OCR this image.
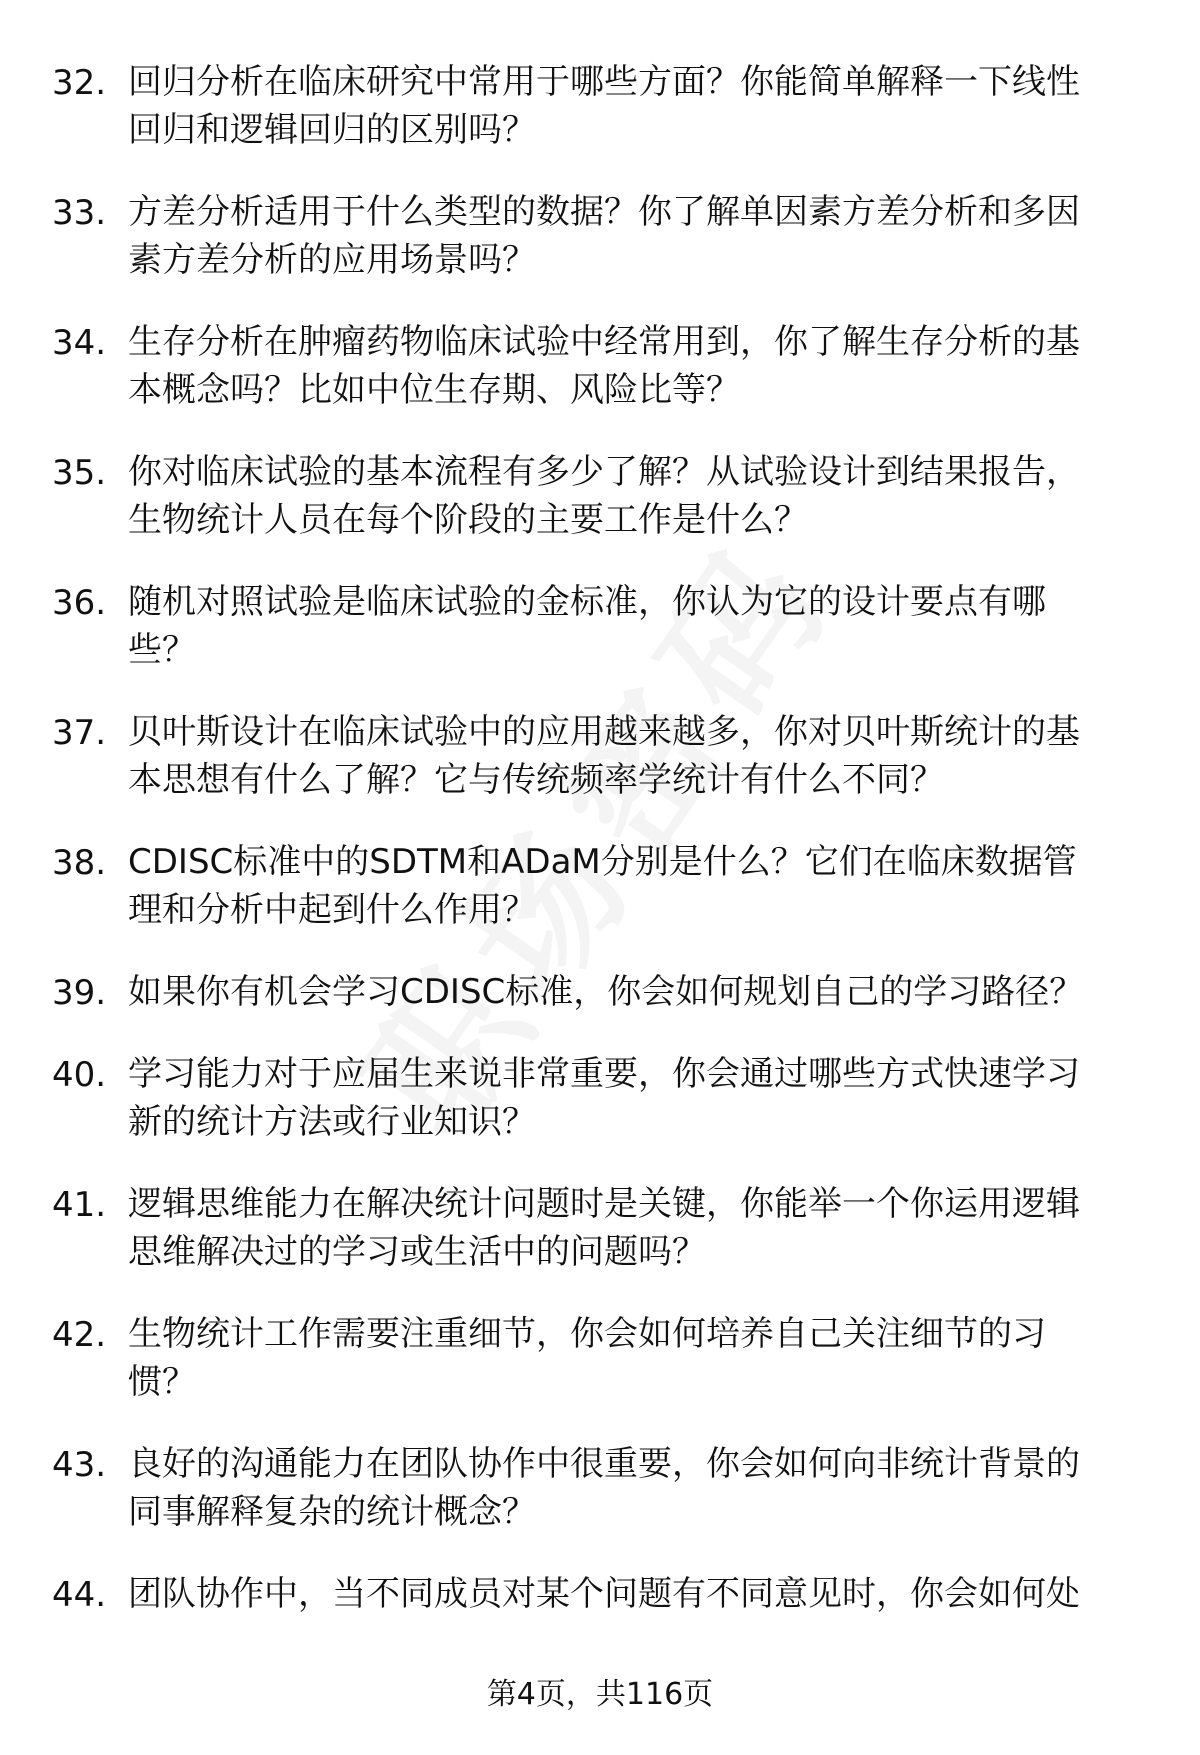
32. 回归分析在临床研究中常用于哪些方面？你能简单解释一下线性
回归和逻辑回归的区别吗？
33. 方差分析适用于什么类型的数据？你了解单因素方差分析和多因
素方差分析的应用场景吗？
34. 生存分析在肿瘤药物临床试验中经常用到，你了解生存分析的基
本概念吗？比如中位生存期、风险比等？
35. 你对临床试验的基本流程有多少了解？从试验设计到结果报告，
生物统计人员在每个阶段的主要工作是什么？
36. 随机对照试验是临床试验的金标准，你认为它的设计要点有哪
些？
37. 贝叶斯设计在临床试验中的应用越来越多，你对贝叶斯统计的基
本思想有什么了解？它与传统频率学统计有什么不同？
38. CDISC标准中的SDTM和ADaM分别是什么？它们在临床数据管
理和分析中起到什么作用？
39. 如果你有机会学习CDISC标准，你会如何规划自己的学习路径？
40. 学习能力对于应届生来说非常重要，你会通过哪些方式快速学习
新的统计方法或行业知识？
41. 逻辑思维能力在解决统计问题时是关键，你能举一个你运用逻辑
思维解决过的学习或生活中的问题吗？
42. 生物统计工作需要注重细节，你会如何培养自己关注细节的习
惯？
43. 良好的沟通能力在团队协作中很重要，你会如何向非统计背景的
同事解释复杂的统计概念？
44. 团队协作中，当不同成员对某个问题有不同意见时，你会如何处
第4页，共116页
